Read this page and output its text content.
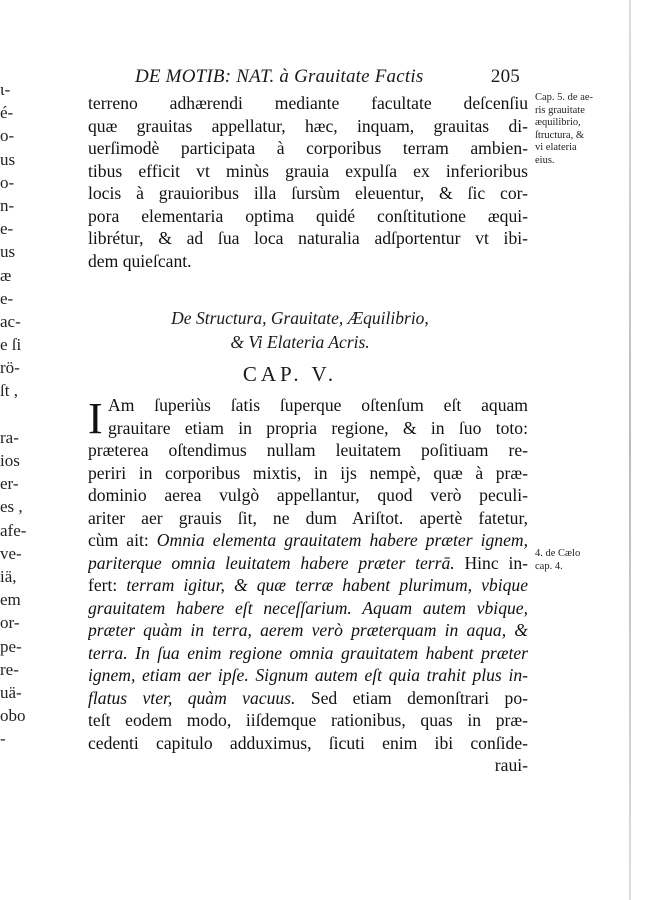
ι-
é-
o-
us
o-
n-
e-
us
æ
e-
ac-
e ſi
rö-
ſt ,
ra-
ios
er-
es ,
afe-
ve-
iä,
em
or-
pe-
re-
uä-
obo
-
DE MOTIB: NAT. à Grauitate Factis	205
terreno adhærendi mediante facultate deſcenſiu
quæ grauitas appellatur, hæc, inquam, grauitas di-
uerſimodè participata à corporibus terram ambien-
tibus efficit vt minùs grauia expulſa ex inferioribus
locis à grauioribus illa ſursùm eleuentur, & ſic cor-
pora elementaria optima quidé conſtitutione æqui-
librétur, & ad ſua loca naturalia adſportentur vt ibi-
dem quieſcant.
De Structura, Grauitate, Æquilibrio,
& Vi Elateria Acris.
CAP. V.
I Am ſuperiùs ſatis ſuperque oſtenſum eſt aquam
grauitare etiam in propria regione, & in ſuo toto:
præterea oſtendimus nullam leuitatem poſitiuam re-
periri in corporibus mixtis, in ijs nempè, quæ à præ-
dominio aerea vulgò appellantur, quod verò peculi-
ariter aer grauis ſit, ne dum Ariſtot. apertè fatetur,
cùm ait: Omnia elementa grauitatem habere præter ignem,
pariterque omnia leuitatem habere præter terrā. Hinc in-
fert: terram igitur, & quæ terræ habent plurimum, vbique
grauitatem habere eſt neceſſarium. Aquam autem vbique,
præter quàm in terra, aerem verò præterquam in aqua, &
terra. In ſua enim regione omnia grauitatem habent præter
ignem, etiam aer ipſe. Signum autem eſt quia trahit plus in-
flatus vter, quàm vacuus. Sed etiam demonſtrari po-
teſt eodem modo, iiſdemque rationibus, quas in præ-
cedenti capitulo adduximus, ſicuti enim ibi conſide-
raui-
Cap. 5. de ae-
ris grauitate
æquilibrio,
ſtructura, &
vi elateria
eius.
4. de Cælo
cap. 4.
